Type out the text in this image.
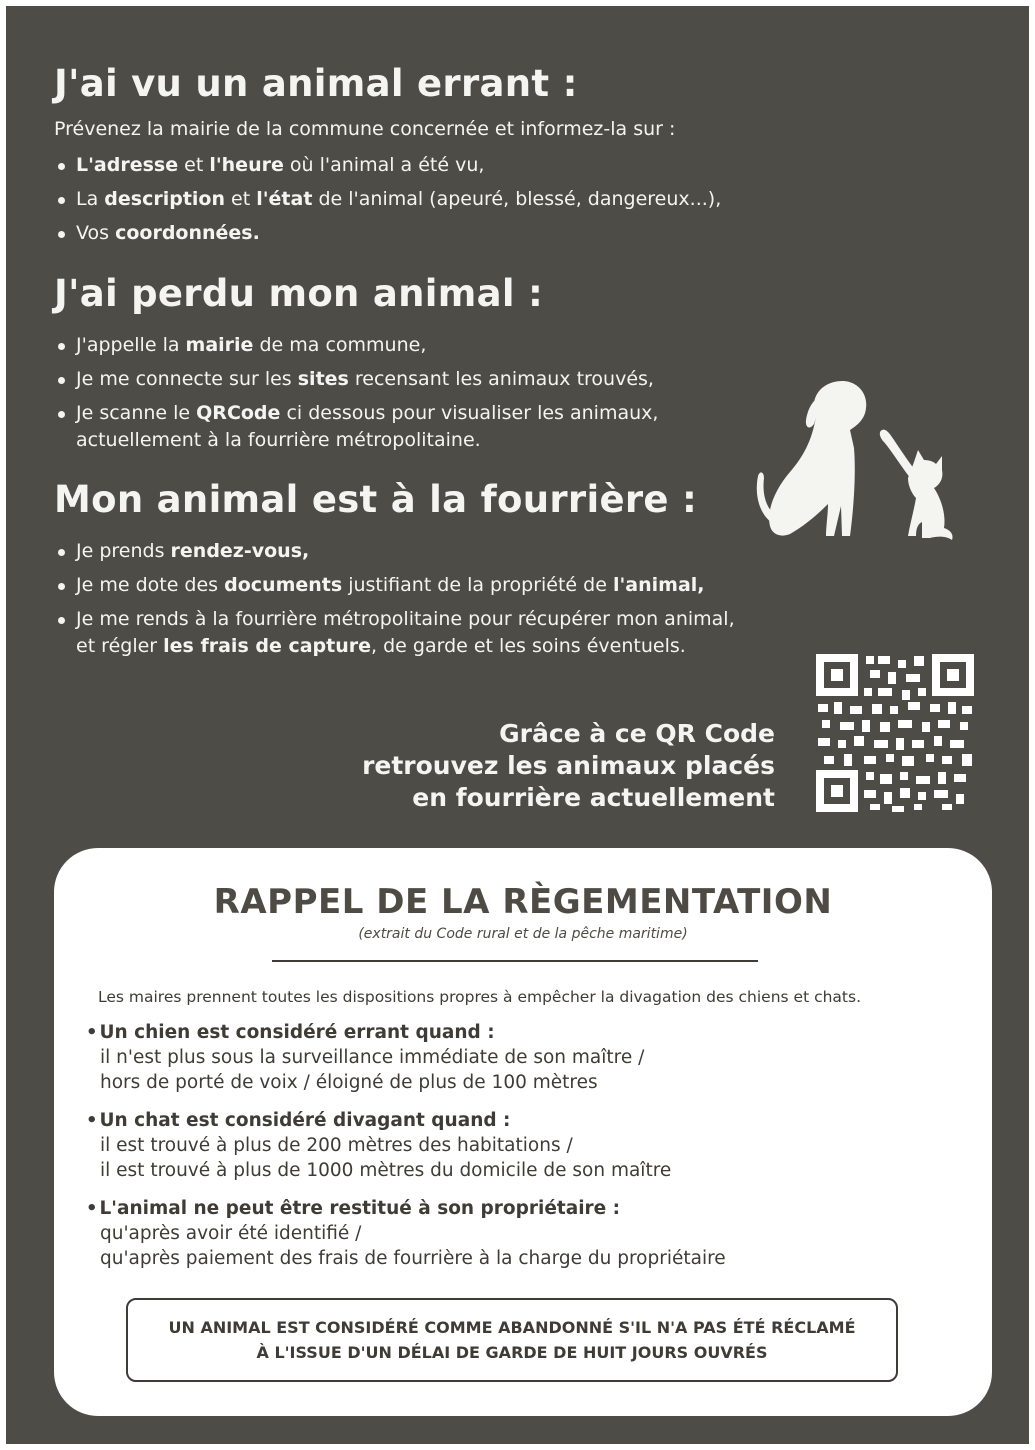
J'ai vu un animal errant :
Prévenez la mairie de la commune concernée et informez-la sur :
L'adresse et l'heure où l'animal a été vu,
La description et l'état de l'animal (apeuré, blessé, dangereux...),
Vos coordonnées.
J'ai perdu mon animal :
J'appelle la mairie de ma commune,
Je me connecte sur les sites recensant les animaux trouvés,
Je scanne le QRCode ci dessous pour visualiser les animaux,
actuellement à la fourrière métropolitaine.
Grâce à ce QR Code
retrouvez les animaux placés
en fourrière actuellement
Mon animal est à la fourrière :
Je prends rendez-vous,
Je me dote des documents justifiant de la propriété de l'animal,
Je me rends à la fourrière métropolitaine pour récupérer mon animal,
et régler les frais de capture, de garde et les soins éventuels.
RAPPEL DE LA RÈGEMENTATION
(extrait du Code rural et de la pêche maritime)
Les maires prennent toutes les dispositions propres à empêcher la divagation des chiens et chats.
• Un chien est considéré errant quand :
il n'est plus sous la surveillance immédiate de son maître /
hors de porté de voix / éloigné de plus de 100 mètres
• Un chat est considéré divagant quand :
il est trouvé à plus de 200 mètres des habitations /
il est trouvé à plus de 1000 mètres du domicile de son maître
• L'animal ne peut être restitué à son propriétaire :
qu'après avoir été identifié /
qu'après paiement des frais de fourrière à la charge du propriétaire
UN ANIMAL EST CONSIDÉRÉ COMME ABANDONNÉ S'IL N'A PAS ÉTÉ RÉCLAMÉ
À L'ISSUE D'UN DÉLAI DE GARDE DE HUIT JOURS OUVRÉS
